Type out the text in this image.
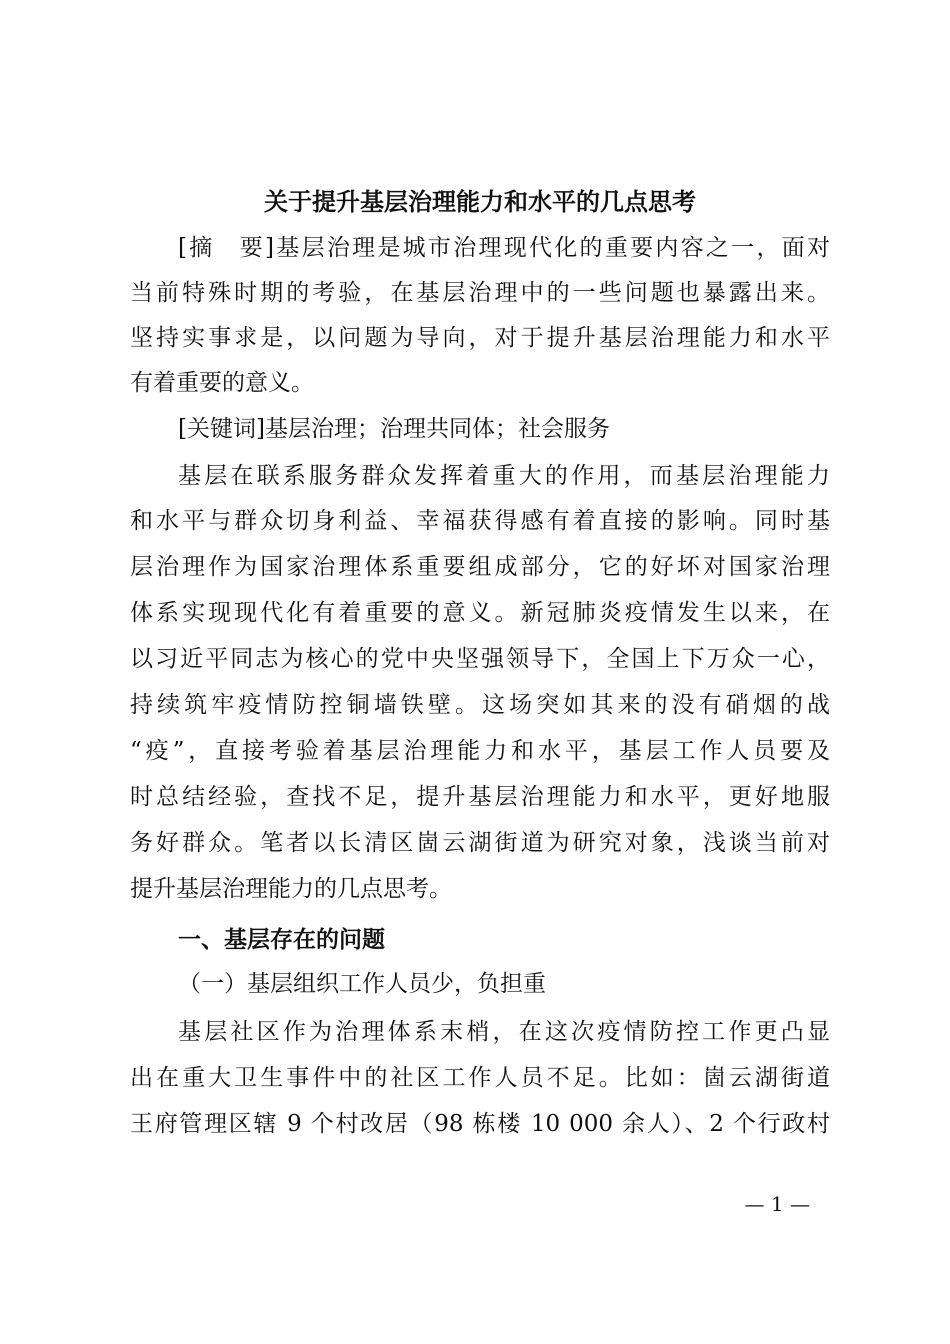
关于提升基层治理能力和水平的几点思考
[摘　要]基层治理是城市治理现代化的重要内容之一，面对
当前特殊时期的考验，在基层治理中的一些问题也暴露出来。
坚持实事求是，以问题为导向，对于提升基层治理能力和水平
有着重要的意义。
[关键词]基层治理；治理共同体；社会服务
基层在联系服务群众发挥着重大的作用，而基层治理能力
和水平与群众切身利益、幸福获得感有着直接的影响。同时基
层治理作为国家治理体系重要组成部分，它的好坏对国家治理
体系实现现代化有着重要的意义。新冠肺炎疫情发生以来，在
以习近平同志为核心的党中央坚强领导下，全国上下万众一心，
持续筑牢疫情防控铜墙铁壁。这场突如其来的没有硝烟的战
“疫”，直接考验着基层治理能力和水平，基层工作人员要及
时总结经验，查找不足，提升基层治理能力和水平，更好地服
务好群众。笔者以长清区崮云湖街道为研究对象，浅谈当前对
提升基层治理能力的几点思考。
一、基层存在的问题
（一）基层组织工作人员少，负担重
基层社区作为治理体系末梢，在这次疫情防控工作更凸显
出在重大卫生事件中的社区工作人员不足。比如：崮云湖街道
王府管理区辖 9 个村改居（98 栋楼 10 000 余人）、2 个行政村
— 1 —
